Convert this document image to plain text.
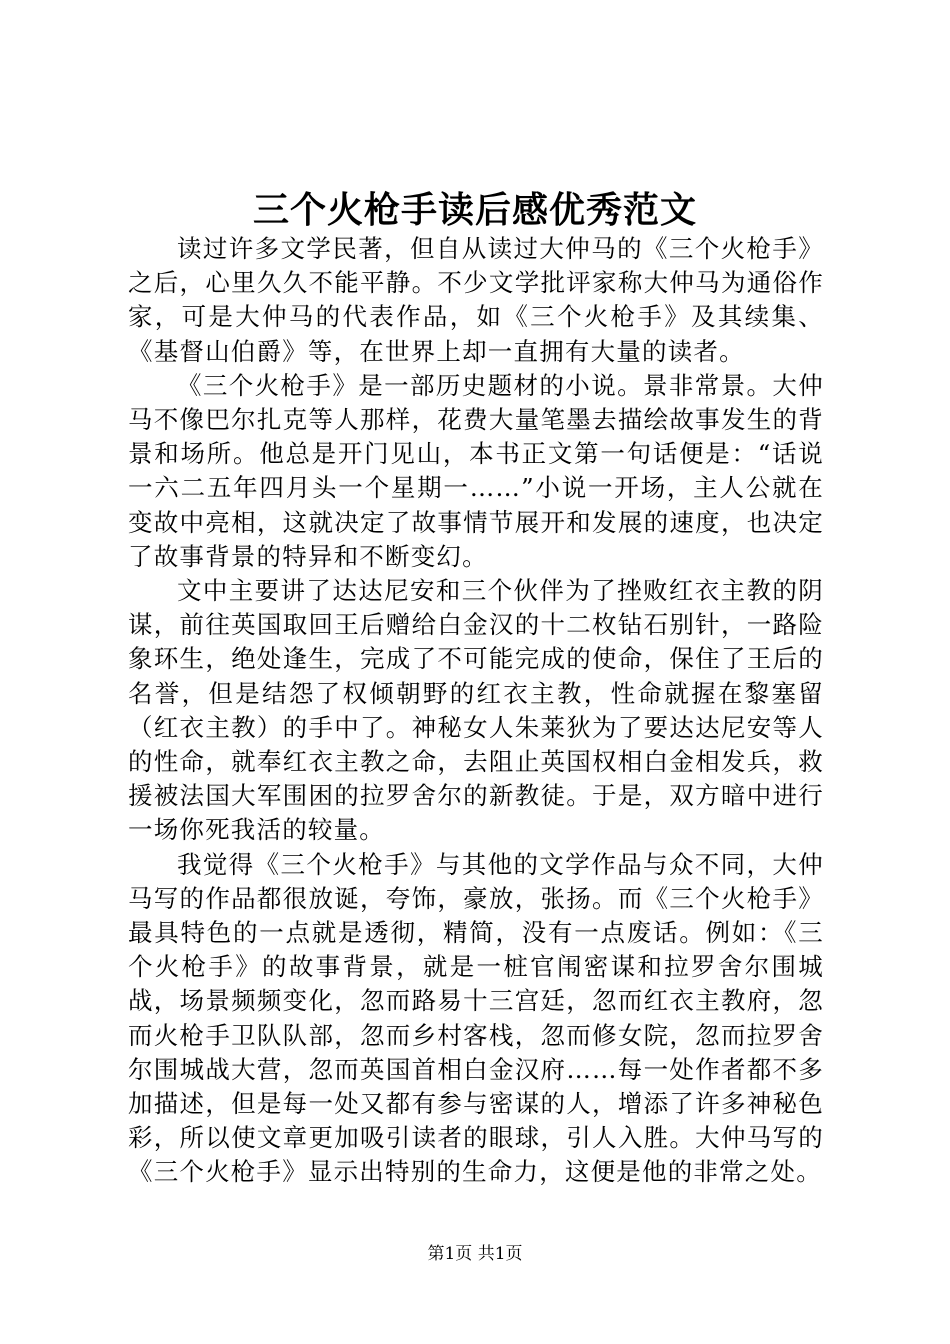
三个火枪手读后感优秀范文

读过许多文学民著，但自从读过大仲马的《三个火枪手》之后，心里久久不能平静。不少文学批评家称大仲马为通俗作家，可是大仲马的代表作品，如《三个火枪手》及其续集、《基督山伯爵》等，在世界上却一直拥有大量的读者。

《三个火枪手》是一部历史题材的小说。景非常景。大仲马不像巴尔扎克等人那样，花费大量笔墨去描绘故事发生的背景和场所。他总是开门见山，本书正文第一句话便是：“话说一六二五年四月头一个星期一……”小说一开场，主人公就在变故中亮相，这就决定了故事情节展开和发展的速度，也决定了故事背景的特异和不断变幻。

文中主要讲了达达尼安和三个伙伴为了挫败红衣主教的阴谋，前往英国取回王后赠给白金汉的十二枚钻石别针，一路险象环生，绝处逢生，完成了不可能完成的使命，保住了王后的名誉，但是结怨了权倾朝野的红衣主教，性命就握在黎塞留（红衣主教）的手中了。神秘女人朱莱狄为了要达达尼安等人的性命，就奉红衣主教之命，去阻止英国权相白金相发兵，救援被法国大军围困的拉罗舍尔的新教徒。于是，双方暗中进行一场你死我活的较量。

我觉得《三个火枪手》与其他的文学作品与众不同，大仲马写的作品都很放诞，夸饰，豪放，张扬。而《三个火枪手》最具特色的一点就是透彻，精简，没有一点废话。例如：《三个火枪手》的故事背景，就是一桩官闱密谋和拉罗舍尔围城战，场景频频变化，忽而路易十三宫廷，忽而红衣主教府，忽而火枪手卫队队部，忽而乡村客栈，忽而修女院，忽而拉罗舍尔围城战大营，忽而英国首相白金汉府……每一处作者都不多加描述，但是每一处又都有参与密谋的人，增添了许多神秘色彩，所以使文章更加吸引读者的眼球，引人入胜。大仲马写的《三个火枪手》显示出特别的生命力，这便是他的非常之处。

第1页 共1页
